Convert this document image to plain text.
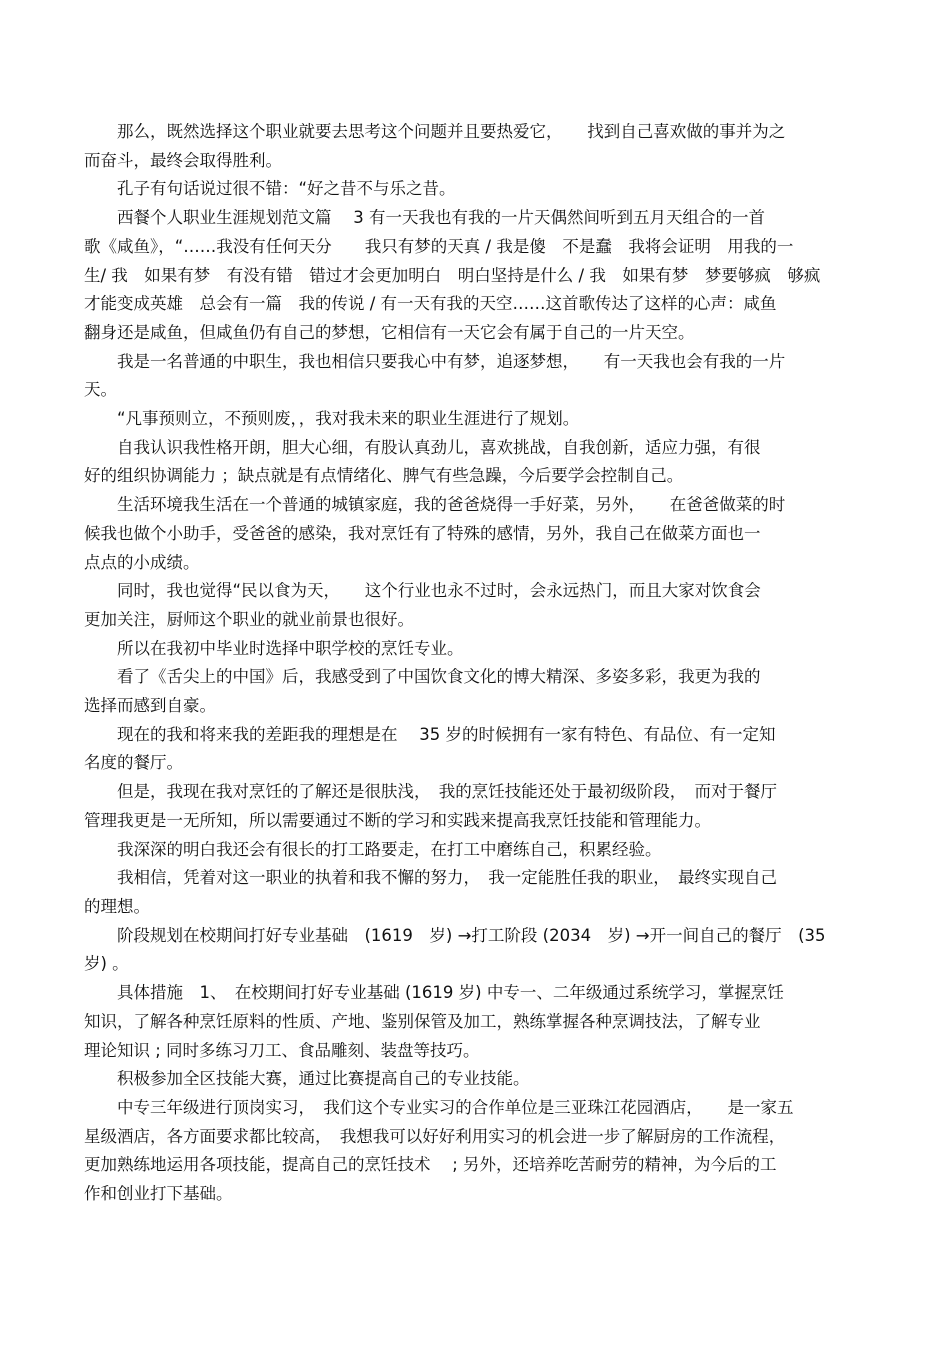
那么，既然选择这个职业就要去思考这个问题并且要热爱它，　　找到自己喜欢做的事并为之
而奋斗，最终会取得胜利。
孔子有句话说过很不错：“好之昔不与乐之昔。
西餐个人职业生涯规划范文篇　 3 有一天我也有我的一片天偶然间听到五月天组合的一首
歌《咸鱼》，“……我没有任何天分　　我只有梦的天真 / 我是傻　不是蠢　我将会证明　用我的一
生/ 我　如果有梦　有没有错　错过才会更加明白　明白坚持是什么 / 我　如果有梦　梦要够疯　够疯
才能变成英雄　总会有一篇　我的传说 / 有一天有我的天空……这首歌传达了这样的心声：咸鱼
翻身还是咸鱼，但咸鱼仍有自己的梦想，它相信有一天它会有属于自己的一片天空。
我是一名普通的中职生，我也相信只要我心中有梦，追逐梦想，　　有一天我也会有我的一片
天。
“凡事预则立，不预则废，，我对我未来的职业生涯进行了规划。
自我认识我性格开朗，胆大心细，有股认真劲儿，喜欢挑战，自我创新，适应力强，有很
好的组织协调能力 ；缺点就是有点情绪化、脾气有些急躁，今后要学会控制自己。
生活环境我生活在一个普通的城镇家庭，我的爸爸烧得一手好菜，另外，　　在爸爸做菜的时
候我也做个小助手，受爸爸的感染，我对烹饪有了特殊的感情，另外，我自己在做菜方面也一
点点的小成绩。
同时，我也觉得“民以食为天，　　这个行业也永不过时，会永远热门，而且大家对饮食会
更加关注，厨师这个职业的就业前景也很好。
所以在我初中毕业时选择中职学校的烹饪专业。
看了《舌尖上的中国》后，我感受到了中国饮食文化的博大精深、多姿多彩，我更为我的
选择而感到自豪。
现在的我和将来我的差距我的理想是在　 35 岁的时候拥有一家有特色、有品位、有一定知
名度的餐厅。
但是，我现在我对烹饪的了解还是很肤浅，　我的烹饪技能还处于最初级阶段，　而对于餐厅
管理我更是一无所知，所以需要通过不断的学习和实践来提高我烹饪技能和管理能力。
我深深的明白我还会有很长的打工路要走，在打工中磨练自己，积累经验。
我相信，凭着对这一职业的执着和我不懈的努力，　我一定能胜任我的职业，　最终实现自己
的理想。
阶段规划在校期间打好专业基础　(1619　岁) →打工阶段 (2034　岁) →开一间自己的餐厅　(35
岁) 。
具体措施　1、　在校期间打好专业基础 (1619 岁) 中专一、二年级通过系统学习，掌握烹饪
知识，了解各种烹饪原料的性质、产地、鉴别保管及加工，熟练掌握各种烹调技法，了解专业
理论知识 ; 同时多练习刀工、食品雕刻、装盘等技巧。
积极参加全区技能大赛，通过比赛提高自己的专业技能。
中专三年级进行顶岗实习，　我们这个专业实习的合作单位是三亚珠江花园酒店，　　是一家五
星级酒店，各方面要求都比较高，　我想我可以好好利用实习的机会进一步了解厨房的工作流程，
更加熟练地运用各项技能，提高自己的烹饪技术　 ; 另外，还培养吃苦耐劳的精神，为今后的工
作和创业打下基础。
